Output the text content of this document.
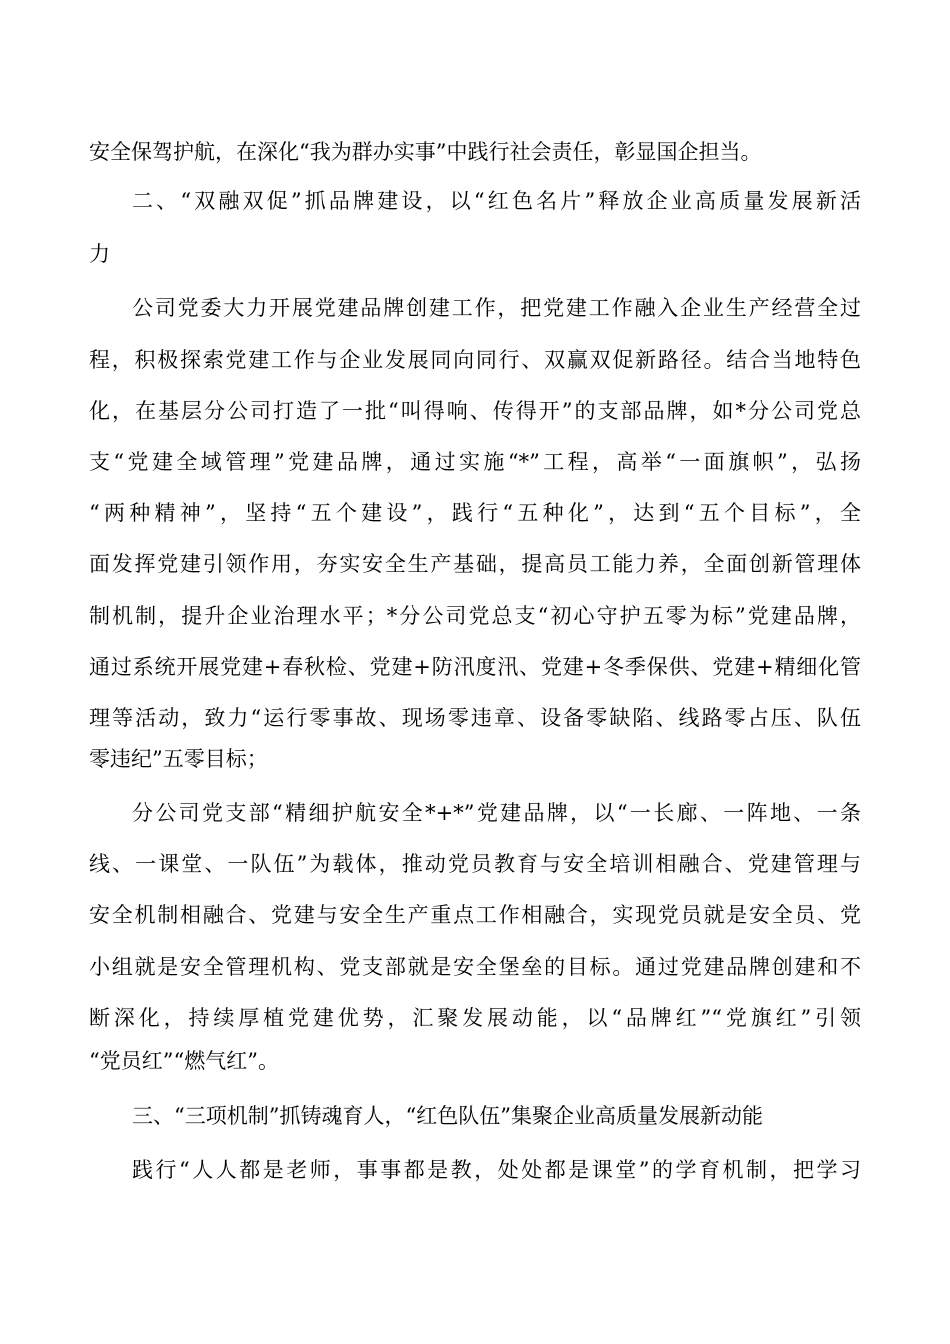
安全保驾护航，在深化“我为群办实事”中践行社会责任，彰显国企担当。
二、“双融双促”抓品牌建设，以“红色名片”释放企业高质量发展新活
力
公司党委大力开展党建品牌创建工作，把党建工作融入企业生产经营全过
程，积极探索党建工作与企业发展同向同行、双赢双促新路径。结合当地特色
化，在基层分公司打造了一批“叫得响、传得开”的支部品牌，如*分公司党总
支“党建全域管理”党建品牌，通过实施“*”工程，高举“一面旗帜”，弘扬
“两种精神”，坚持“五个建设”，践行“五种化”，达到“五个目标”，全
面发挥党建引领作用，夯实安全生产基础，提高员工能力养，全面创新管理体
制机制，提升企业治理水平；*分公司党总支“初心守护五零为标”党建品牌，
通过系统开展党建+春秋检、党建+防汛度汛、党建+冬季保供、党建+精细化管
理等活动，致力“运行零事故、现场零违章、设备零缺陷、线路零占压、队伍
零违纪”五零目标；
分公司党支部“精细护航安全*+*”党建品牌，以“一长廊、一阵地、一条
线、一课堂、一队伍”为载体，推动党员教育与安全培训相融合、党建管理与
安全机制相融合、党建与安全生产重点工作相融合，实现党员就是安全员、党
小组就是安全管理机构、党支部就是安全堡垒的目标。通过党建品牌创建和不
断深化，持续厚植党建优势，汇聚发展动能，以“品牌红”“党旗红”引领
“党员红”“燃气红”。
三、“三项机制”抓铸魂育人，“红色队伍”集聚企业高质量发展新动能
践行“人人都是老师，事事都是教，处处都是课堂”的学育机制，把学习
